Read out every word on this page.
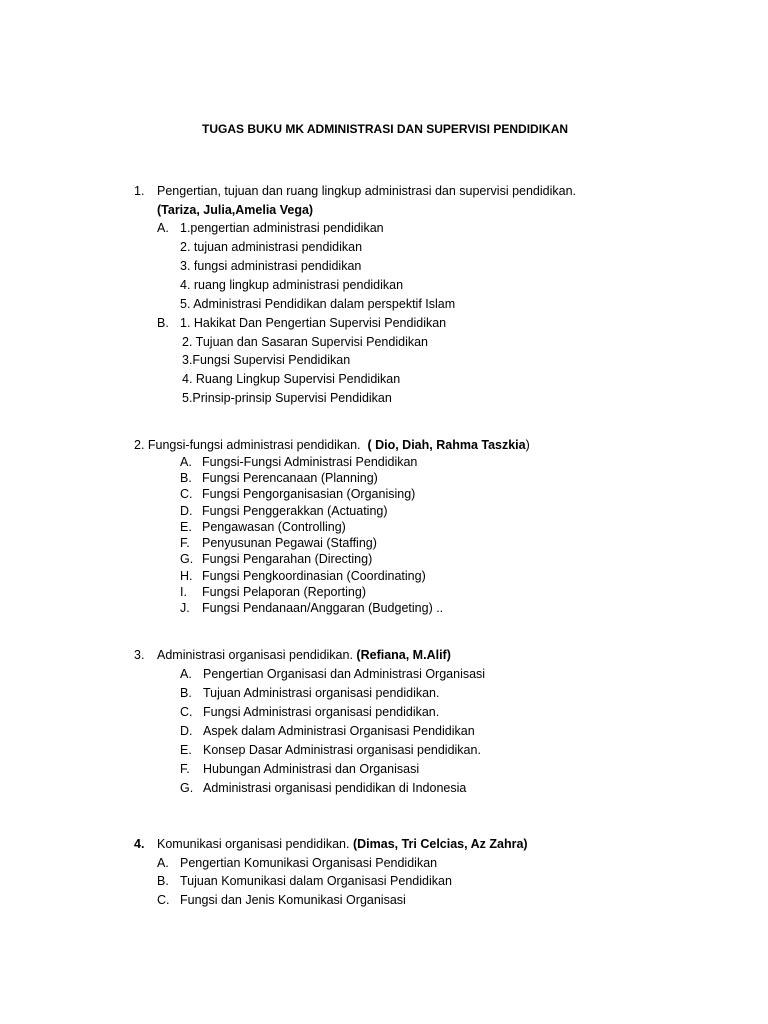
TUGAS BUKU MK ADMINISTRASI DAN SUPERVISI PENDIDIKAN
1. Pengertian, tujuan dan ruang lingkup administrasi dan supervisi pendidikan.
(Tariza, Julia,Amelia Vega)
A. 1.pengertian administrasi pendidikan
2. tujuan administrasi pendidikan
3. fungsi administrasi pendidikan
4. ruang lingkup administrasi pendidikan
5. Administrasi Pendidikan dalam perspektif Islam
B. 1. Hakikat Dan Pengertian Supervisi Pendidikan
2. Tujuan dan Sasaran Supervisi Pendidikan
3.Fungsi Supervisi Pendidikan
4. Ruang Lingkup Supervisi Pendidikan
5.Prinsip-prinsip Supervisi Pendidikan
2. Fungsi-fungsi administrasi pendidikan. ( Dio, Diah, Rahma Taszkia)
A. Fungsi-Fungsi Administrasi Pendidikan
B. Fungsi Perencanaan (Planning)
C. Fungsi Pengorganisasian (Organising)
D. Fungsi Penggerakkan (Actuating)
E. Pengawasan (Controlling)
F. Penyusunan Pegawai (Staffing)
G. Fungsi Pengarahan (Directing)
H. Fungsi Pengkoordinasian (Coordinating)
I. Fungsi Pelaporan (Reporting)
J. Fungsi Pendanaan/Anggaran (Budgeting) ..
3. Administrasi organisasi pendidikan. (Refiana, M.Alif)
A. Pengertian Organisasi dan Administrasi Organisasi
B. Tujuan Administrasi organisasi pendidikan.
C. Fungsi Administrasi organisasi pendidikan.
D. Aspek dalam Administrasi Organisasi Pendidikan
E. Konsep Dasar Administrasi organisasi pendidikan.
F. Hubungan Administrasi dan Organisasi
G. Administrasi organisasi pendidikan di Indonesia
4. Komunikasi organisasi pendidikan. (Dimas, Tri Celcias, Az Zahra)
A. Pengertian Komunikasi Organisasi Pendidikan
B. Tujuan Komunikasi dalam Organisasi Pendidikan
C. Fungsi dan Jenis Komunikasi Organisasi
